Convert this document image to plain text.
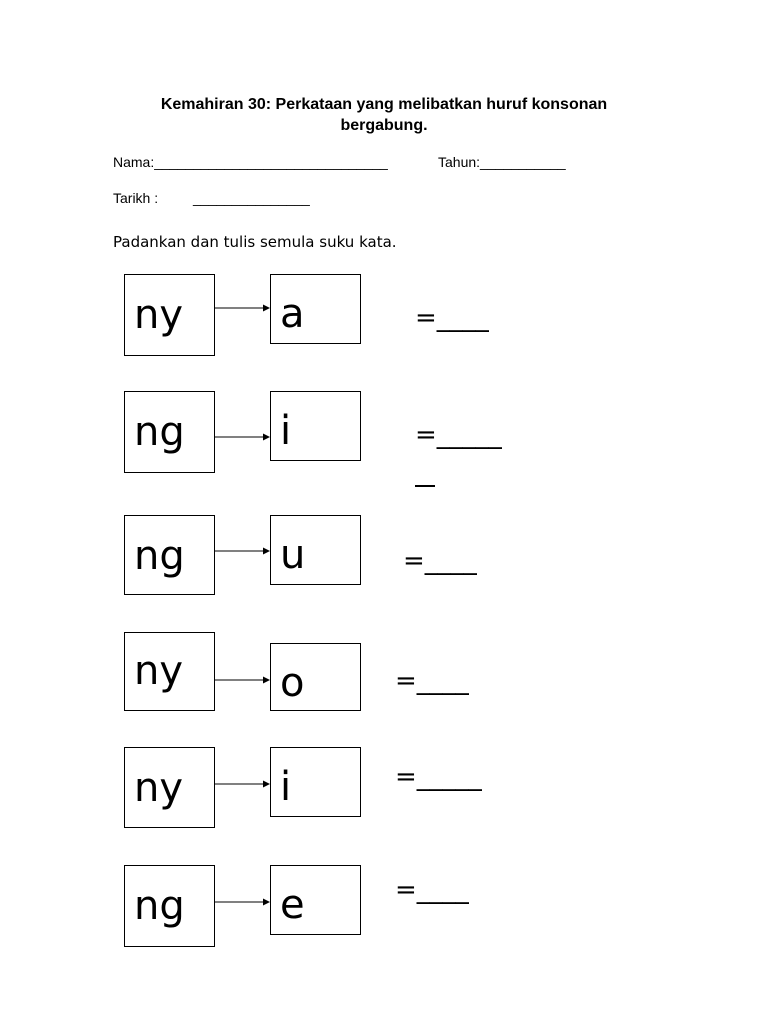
Kemahiran 30: Perkataan yang melibatkan huruf konsonan
bergabung.
Nama:______________________________	Tahun:___________
Tarikh : _______________
Padankan dan tulis semula suku kata.
ny a	=____
ng i	=_____
ng u	=____
ny o	=____
ny i	=_____
ng e	=____
